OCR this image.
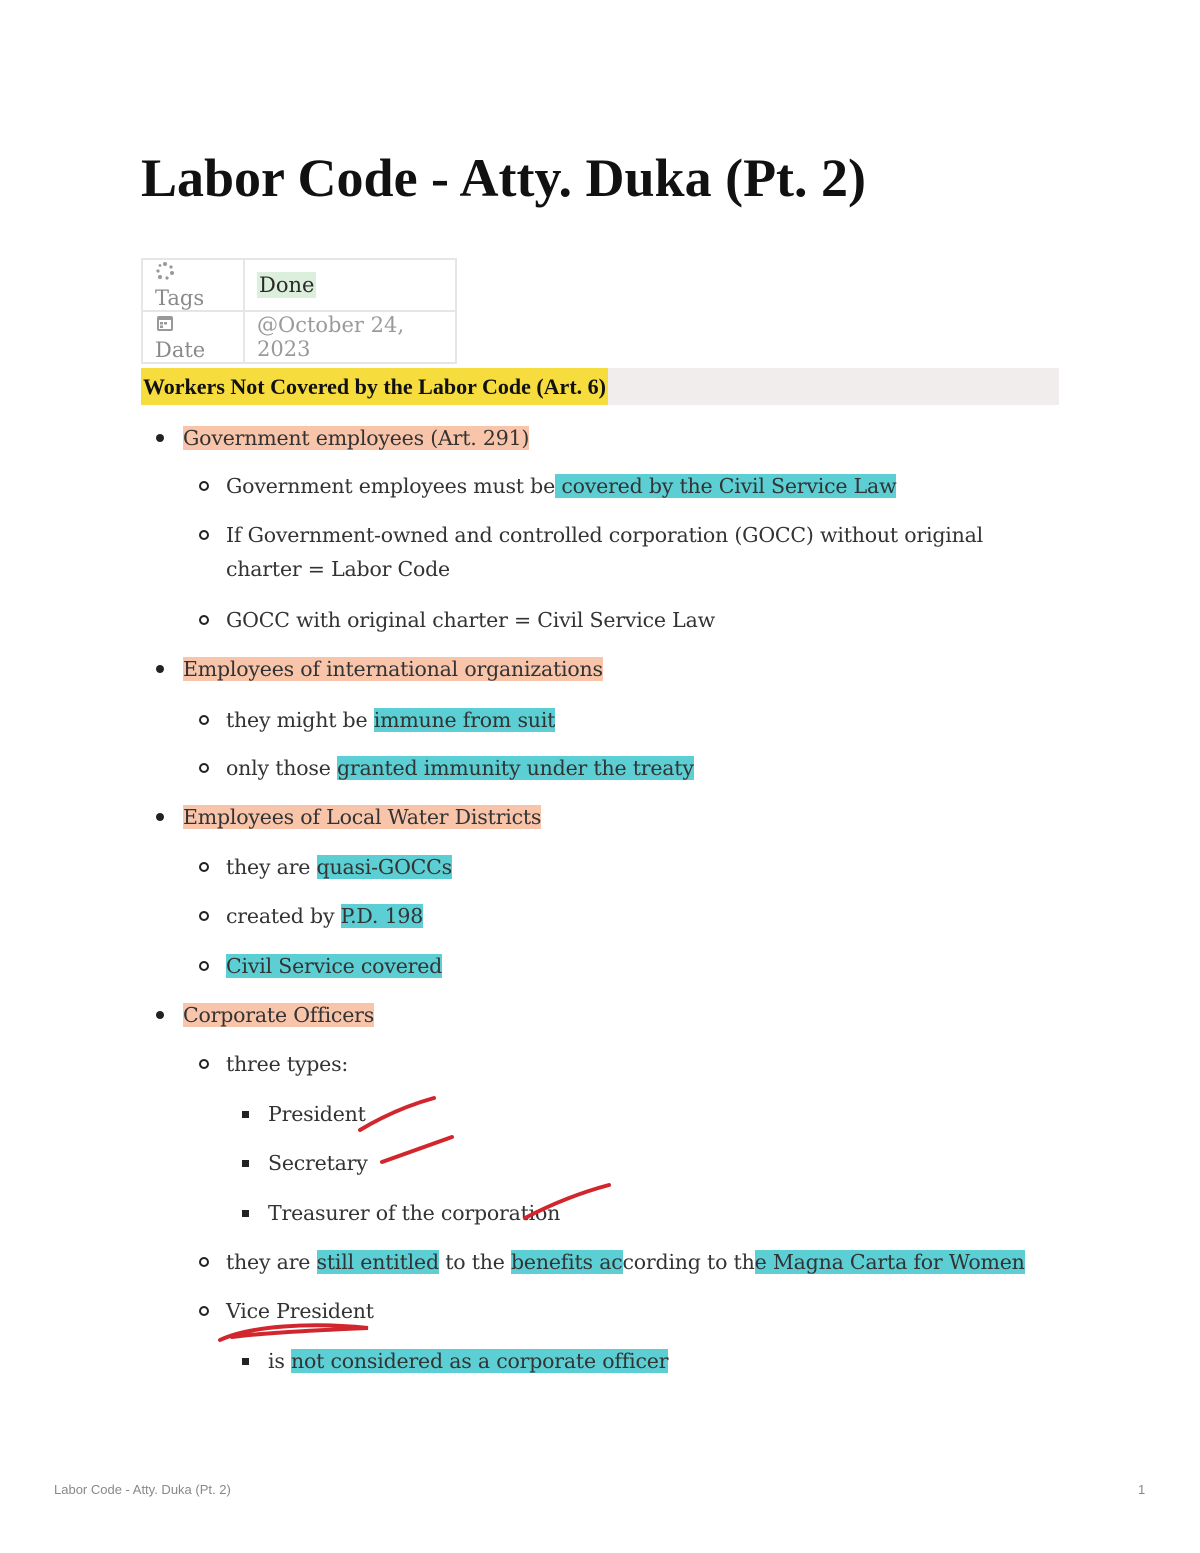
Labor Code - Atty. Duka (Pt. 2)
Tags	Done
Date	@October 24, 2023
Workers Not Covered by the Labor Code (Art. 6)
Government employees (Art. 291)
Government employees must be covered by the Civil Service Law
If Government-owned and controlled corporation (GOCC) without original charter = Labor Code
GOCC with original charter = Civil Service Law
Employees of international organizations
they might be immune from suit
only those granted immunity under the treaty
Employees of Local Water Districts
they are quasi-GOCCs
created by P.D. 198
Civil Service covered
Corporate Officers
three types:
President
Secretary
Treasurer of the corporation
they are still entitled to the benefits according to the Magna Carta for Women
Vice President
is not considered as a corporate officer
Labor Code - Atty. Duka (Pt. 2)	1
